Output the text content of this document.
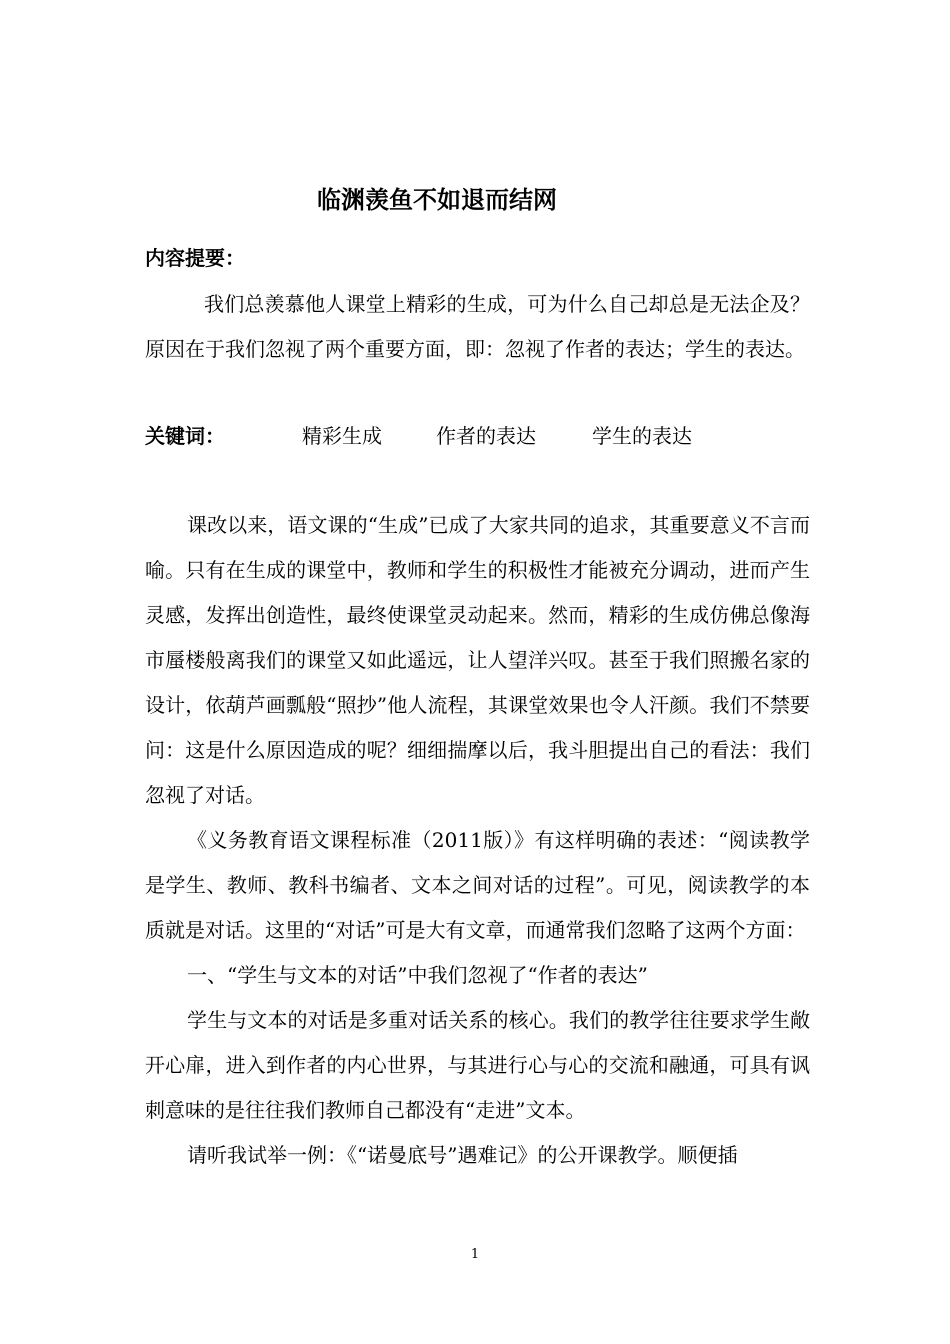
临渊羡鱼不如退而结网
内容提要：

我们总羡慕他人课堂上精彩的生成，可为什么自己却总是无法企及？原因在于我们忽视了两个重要方面，即：忽视了作者的表达；学生的表达。

关键词：	精彩生成	作者的表达	学生的表达

课改以来，语文课的“生成”已成了大家共同的追求，其重要意义不言而喻。只有在生成的课堂中，教师和学生的积极性才能被充分调动，进而产生灵感，发挥出创造性，最终使课堂灵动起来。然而，精彩的生成仿佛总像海市蜃楼般离我们的课堂又如此遥远，让人望洋兴叹。甚至于我们照搬名家的设计，依葫芦画瓢般“照抄”他人流程，其课堂效果也令人汗颜。我们不禁要问：这是什么原因造成的呢？细细揣摩以后，我斗胆提出自己的看法：我们忽视了对话。

《义务教育语文课程标准（2011版）》有这样明确的表述：“阅读教学是学生、教师、教科书编者、文本之间对话的过程”。可见，阅读教学的本质就是对话。这里的“对话”可是大有文章，而通常我们忽略了这两个方面：

一、“学生与文本的对话”中我们忽视了“作者的表达”

学生与文本的对话是多重对话关系的核心。我们的教学往往要求学生敞开心扉，进入到作者的内心世界，与其进行心与心的交流和融通，可具有讽刺意味的是往往我们教师自己都没有“走进”文本。

请听我试举一例：《“诺曼底号”遇难记》的公开课教学。顺便插

1
